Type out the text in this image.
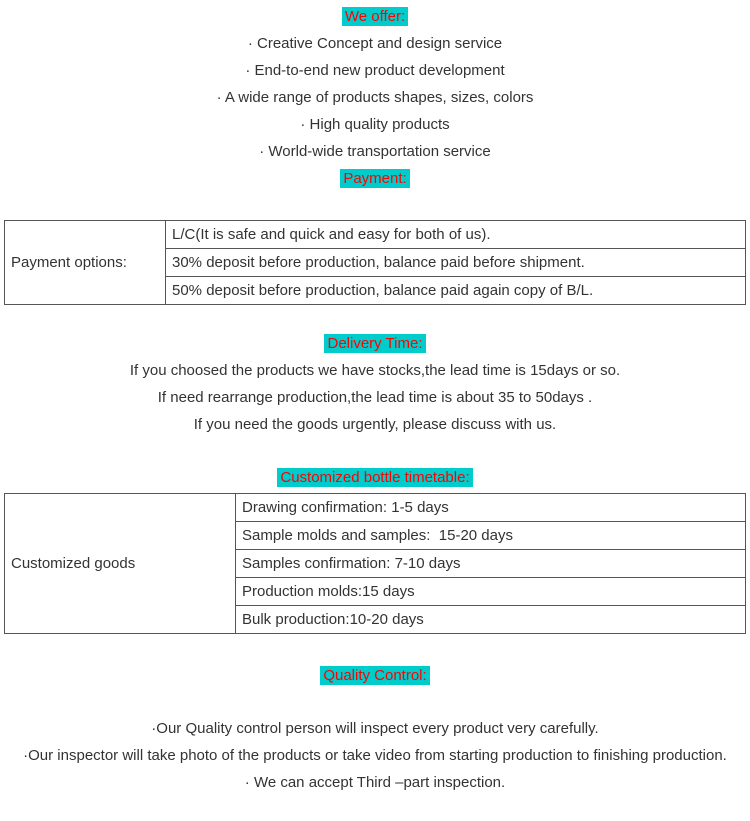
We offer:
· Creative Concept and design service
· End-to-end new product development
· A wide range of products shapes, sizes, colors
· High quality products
· World-wide transportation service
Payment:
Payment options:	L/C(It is safe and quick and easy for both of us).
30% deposit before production, balance paid before shipment.
50% deposit before production, balance paid again copy of B/L.
Delivery Time:
If you choosed the products we have stocks,the lead time is 15days or so.
If need rearrange production,the lead time is about 35 to 50days .
If you need the goods urgently, please discuss with us.
Customized bottle timetable:
Customized goods	Drawing confirmation: 1-5 days
Sample molds and samples:  15-20 days
Samples confirmation: 7-10 days
Production molds:15 days
Bulk production:10-20 days
Quality Control:
·Our Quality control person will inspect every product very carefully.
·Our inspector will take photo of the products or take video from starting production to finishing production.
· We can accept Third –part inspection.
